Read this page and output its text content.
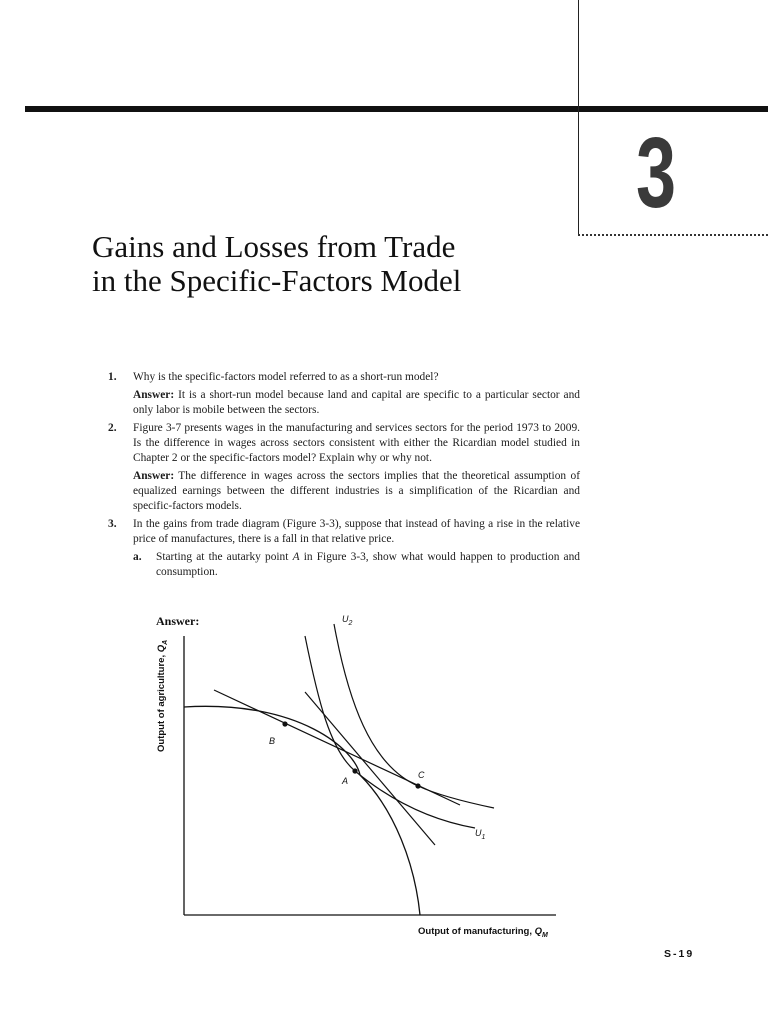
3
Gains and Losses from Trade
in the Specific-Factors Model
1. Why is the specific-factors model referred to as a short-run model?
Answer: It is a short-run model because land and capital are specific to a particular sector and only labor is mobile between the sectors.
2. Figure 3-7 presents wages in the manufacturing and services sectors for the period 1973 to 2009. Is the difference in wages across sectors consistent with either the Ricardian model studied in Chapter 2 or the specific-factors model? Explain why or why not.
Answer: The difference in wages across the sectors implies that the theoretical assumption of equalized earnings between the different industries is a simplification of the Ricardian and specific-factors models.
3. In the gains from trade diagram (Figure 3-3), suppose that instead of having a rise in the relative price of manufactures, there is a fall in that relative price.
a. Starting at the autarky point A in Figure 3-3, show what would happen to production and consumption.
Answer:
B
A
C
$U_2$
$U_1$
Output of agriculture, $Q_A$
Output of manufacturing, $Q_M$
S-19
